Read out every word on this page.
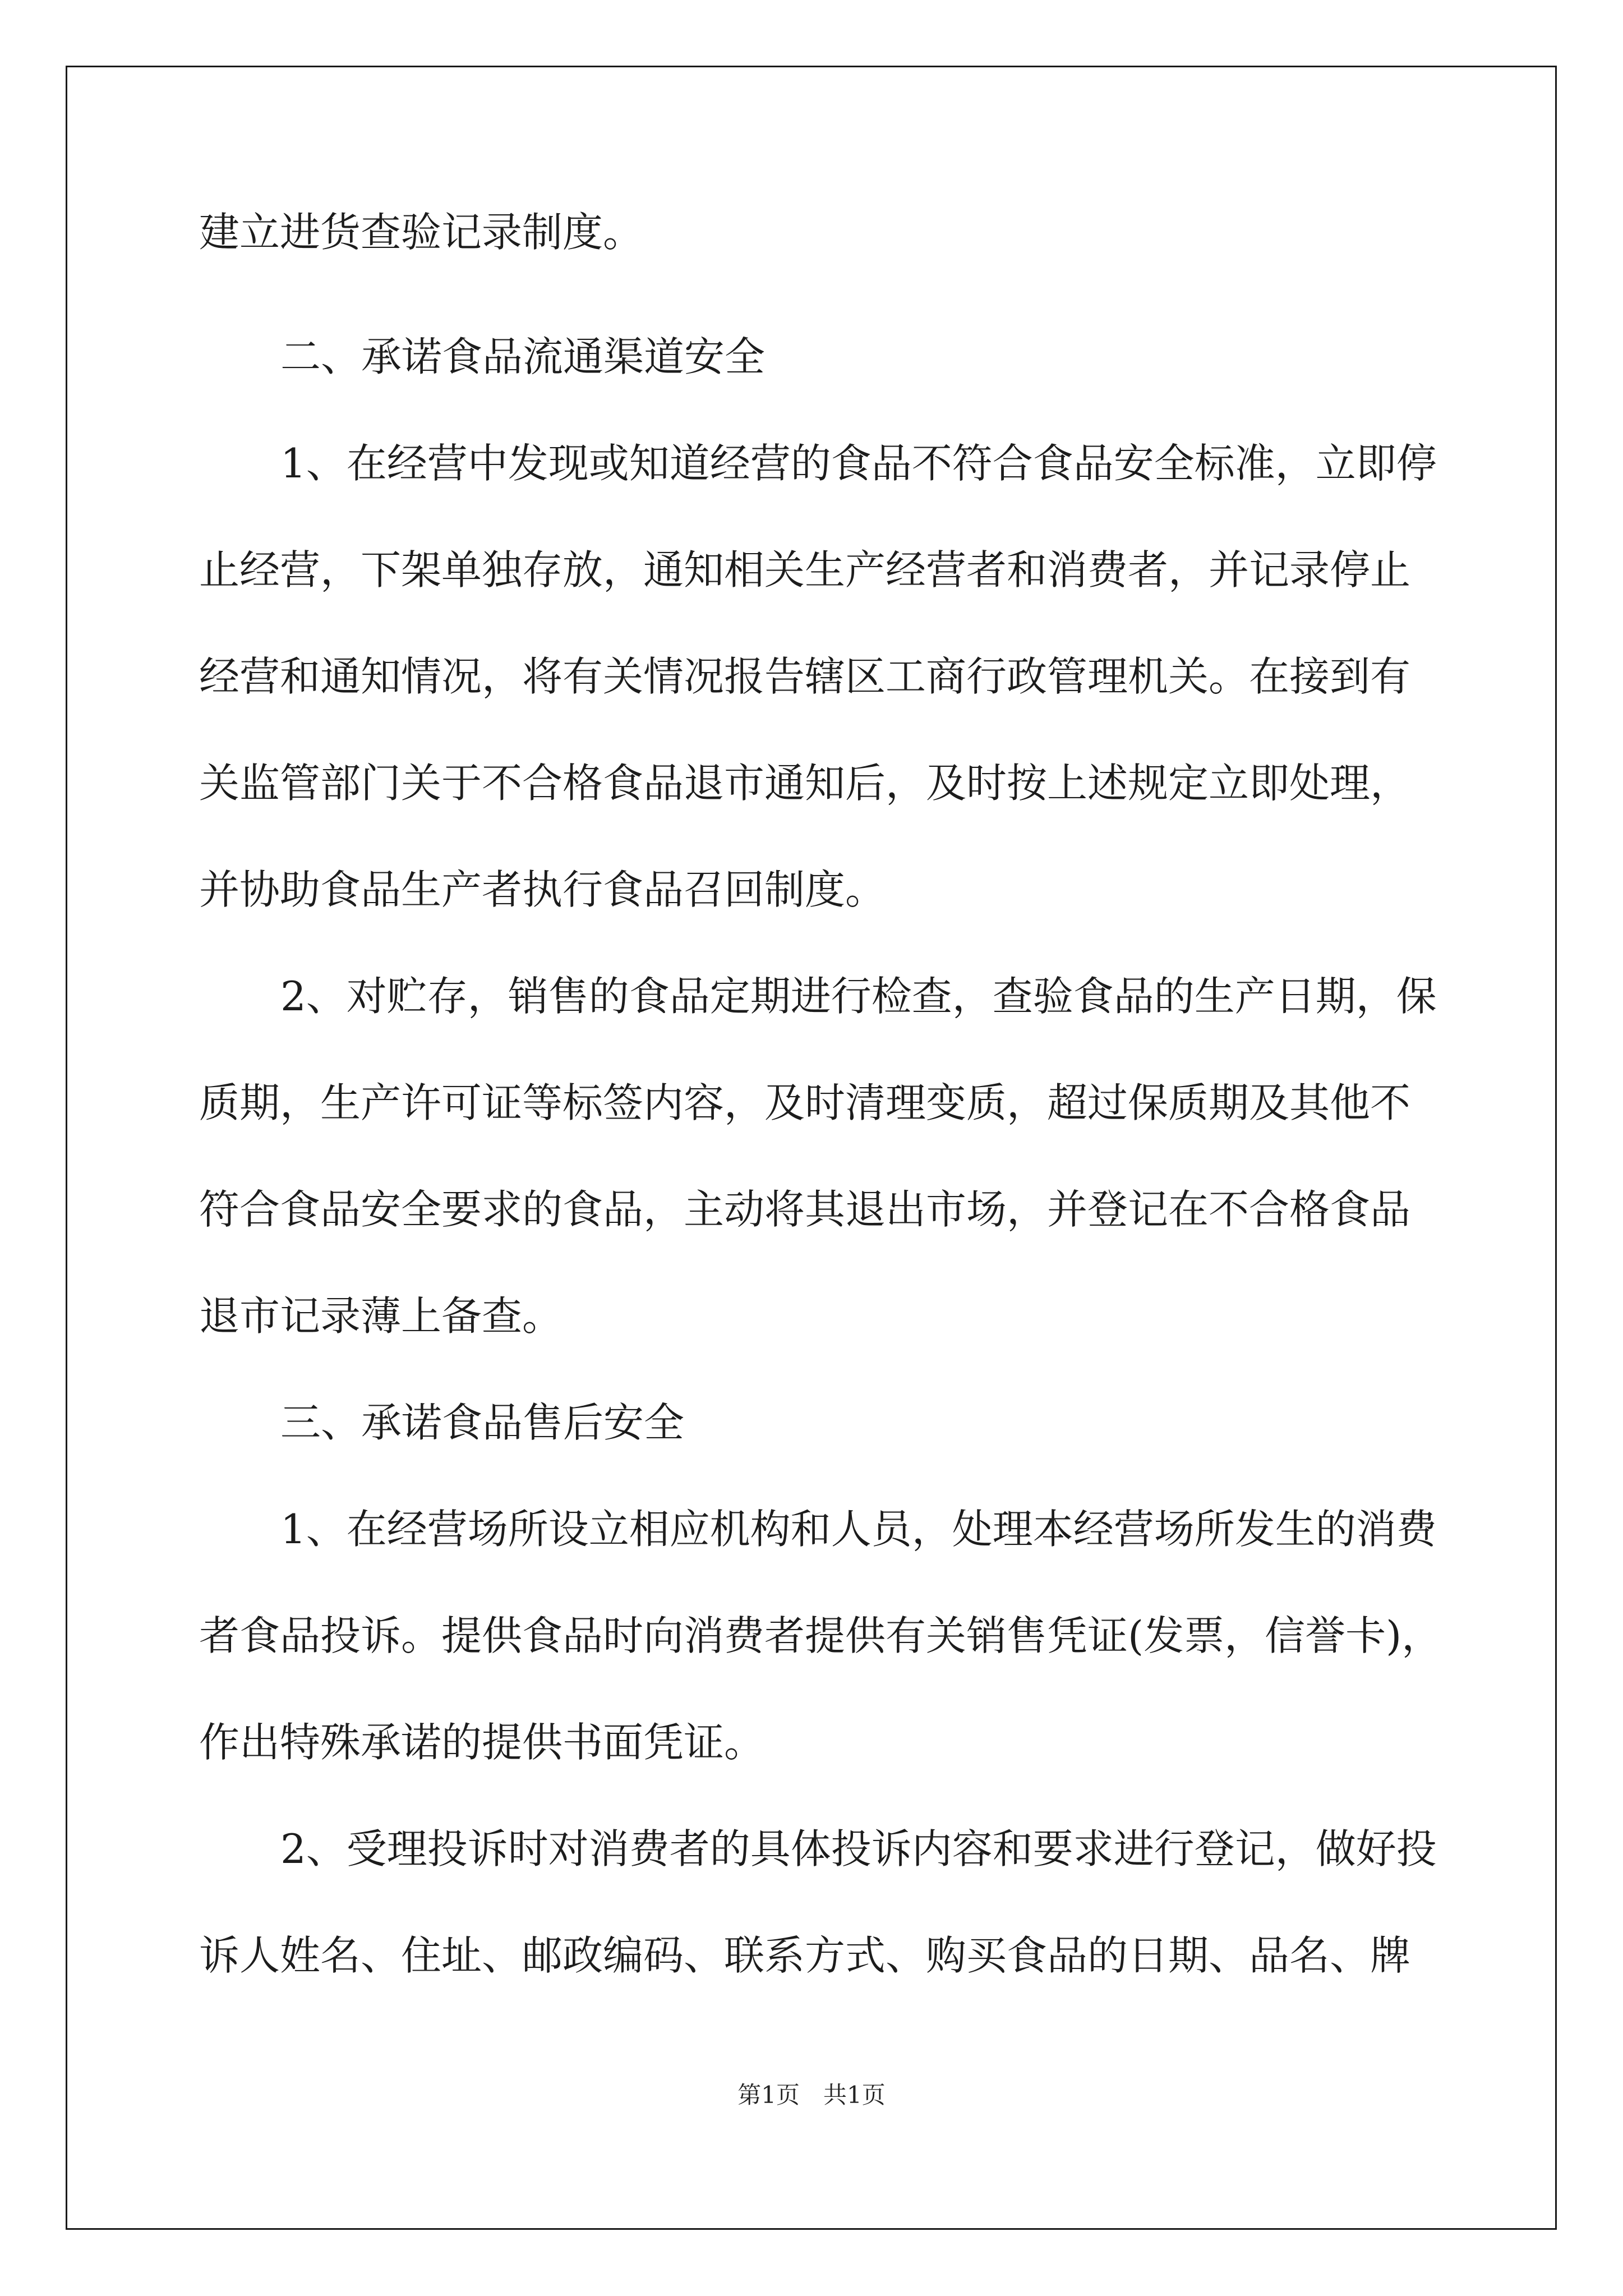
建立进货查验记录制度。

二、承诺食品流通渠道安全

1、在经营中发现或知道经营的食品不符合食品安全标准，立即停

止经营，下架单独存放，通知相关生产经营者和消费者，并记录停止

经营和通知情况，将有关情况报告辖区工商行政管理机关。在接到有

关监管部门关于不合格食品退市通知后，及时按上述规定立即处理，

并协助食品生产者执行食品召回制度。

2、对贮存，销售的食品定期进行检查，查验食品的生产日期，保

质期，生产许可证等标签内容，及时清理变质，超过保质期及其他不

符合食品安全要求的食品，主动将其退出市场，并登记在不合格食品

退市记录薄上备查。

三、承诺食品售后安全

1、在经营场所设立相应机构和人员，处理本经营场所发生的消费

者食品投诉。提供食品时向消费者提供有关销售凭证(发票，信誉卡)，

作出特殊承诺的提供书面凭证。

2、受理投诉时对消费者的具体投诉内容和要求进行登记，做好投

诉人姓名、住址、邮政编码、联系方式、购买食品的日期、品名、牌

第1页　共1页
